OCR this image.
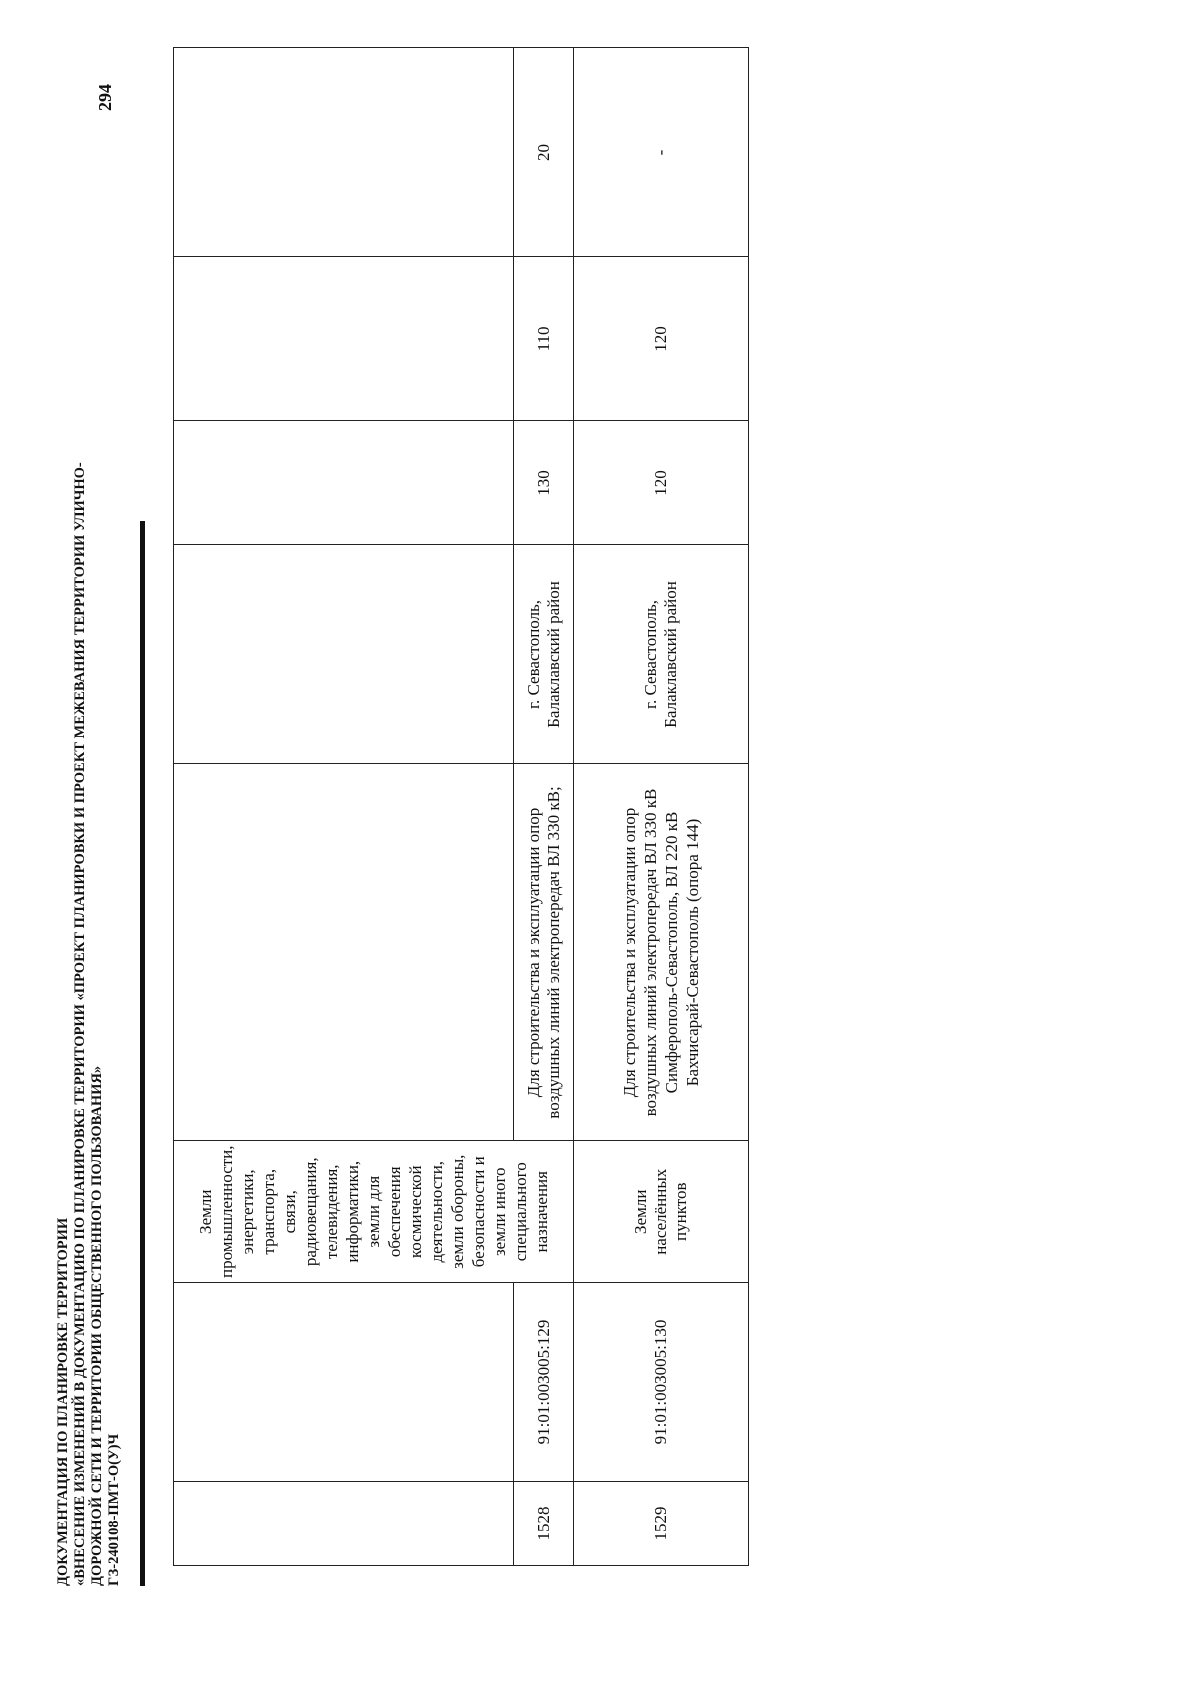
ДОКУМЕНТАЦИЯ ПО ПЛАНИРОВКЕ ТЕРРИТОРИИ «ВНЕСЕНИЕ ИЗМЕНЕНИЙ В ДОКУМЕНТАЦИЮ ПО ПЛАНИРОВКЕ ТЕРРИТОРИИ «ПРОЕКТ ПЛАНИРОВКИ И ПРОЕКТ МЕЖЕВАНИЯ ТЕРРИТОРИИ УЛИЧНО- ДОРОЖНОЙ СЕТИ И ТЕРРИТОРИИ ОБЩЕСТВЕННОГО ПОЛЬЗОВАНИЯ» ГЗ-240108-ПМТ-О(У)Ч
294
		Земли промышленности, энергетики, транспорта, связи, радиовещания, телевидения, информатики, земли для обеспечения космической деятельности, земли обороны, безопасности и земли иного специального назначения					
1528	91:01:003005:129		Для строительства и эксплуатации опор воздушных линий электропередач ВЛ 330 кВ;	г. Севастополь, Балаклавский район	130	110	20
1529	91:01:003005:130	Земли населённых пунктов	Для строительства и эксплуатации опор воздушных линий электропередач ВЛ 330 кВ Симферополь-Севастополь, ВЛ 220 кВ Бахчисарай-Севастополь (опора 144)	г. Севастополь, Балаклавский район	120	120	-
